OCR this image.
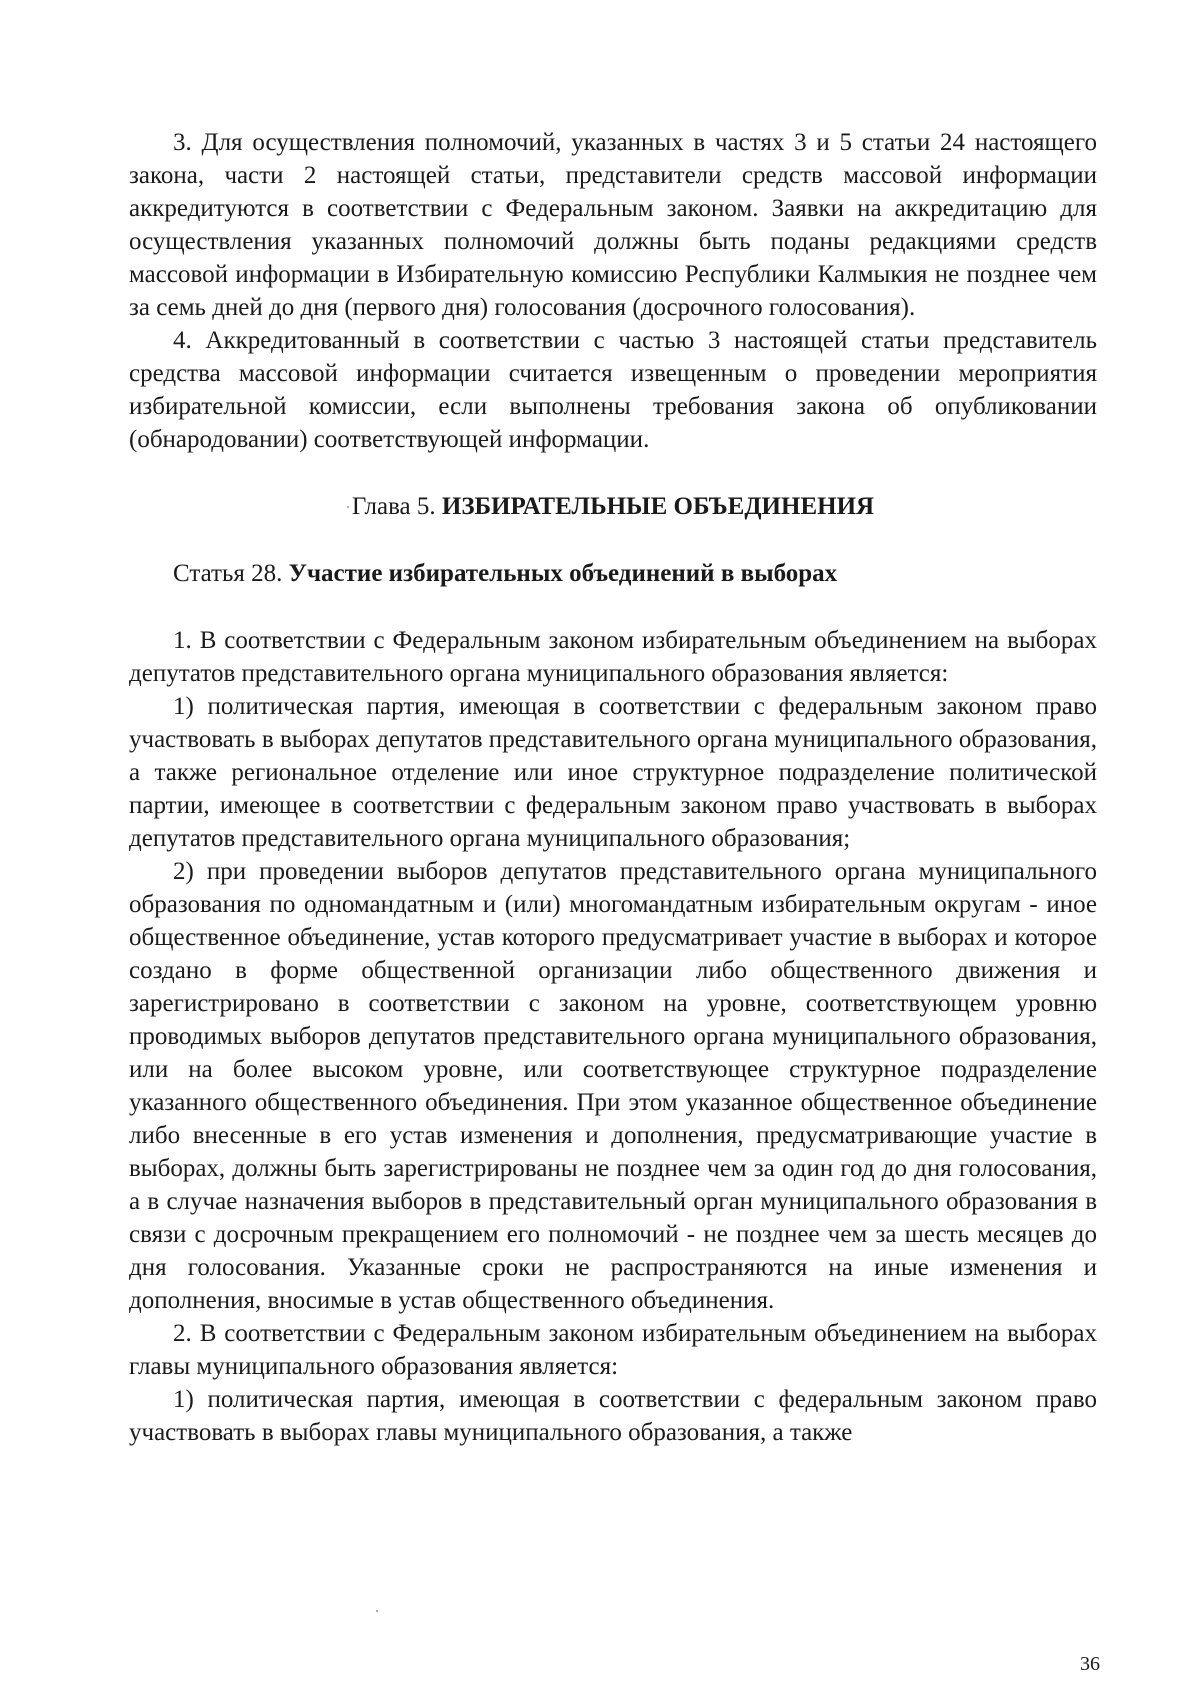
3. Для осуществления полномочий, указанных в частях 3 и 5 статьи 24 настоящего закона, части 2 настоящей статьи, представители средств массовой информации аккредитуются в соответствии с Федеральным законом. Заявки на аккредитацию для осуществления указанных полномочий должны быть поданы редакциями средств массовой информации в Избирательную комиссию Республики Калмыкия не позднее чем за семь дней до дня (первого дня) голосования (досрочного голосования).

4. Аккредитованный в соответствии с частью 3 настоящей статьи представитель средства массовой информации считается извещенным о проведении мероприятия избирательной комиссии, если выполнены требования закона об опубликовании (обнародовании) соответствующей информации.

Глава 5. ИЗБИРАТЕЛЬНЫЕ ОБЪЕДИНЕНИЯ

Статья 28. Участие избирательных объединений в выборах

1. В соответствии с Федеральным законом избирательным объединением на выборах депутатов представительного органа муниципального образования является:

1) политическая партия, имеющая в соответствии с федеральным законом право участвовать в выборах депутатов представительного органа муниципального образования, а также региональное отделение или иное структурное подразделение политической партии, имеющее в соответствии с федеральным законом право участвовать в выборах депутатов представительного органа муниципального образования;

2) при проведении выборов депутатов представительного органа муниципального образования по одномандатным и (или) многомандатным избирательным округам - иное общественное объединение, устав которого предусматривает участие в выборах и которое создано в форме общественной организации либо общественного движения и зарегистрировано в соответствии с законом на уровне, соответствующем уровню проводимых выборов депутатов представительного органа муниципального образования, или на более высоком уровне, или соответствующее структурное подразделение указанного общественного объединения. При этом указанное общественное объединение либо внесенные в его устав изменения и дополнения, предусматривающие участие в выборах, должны быть зарегистрированы не позднее чем за один год до дня голосования, а в случае назначения выборов в представительный орган муниципального образования в связи с досрочным прекращением его полномочий - не позднее чем за шесть месяцев до дня голосования. Указанные сроки не распространяются на иные изменения и дополнения, вносимые в устав общественного объединения.

2. В соответствии с Федеральным законом избирательным объединением на выборах главы муниципального образования является:

1) политическая партия, имеющая в соответствии с федеральным законом право участвовать в выборах главы муниципального образования, а также

36
